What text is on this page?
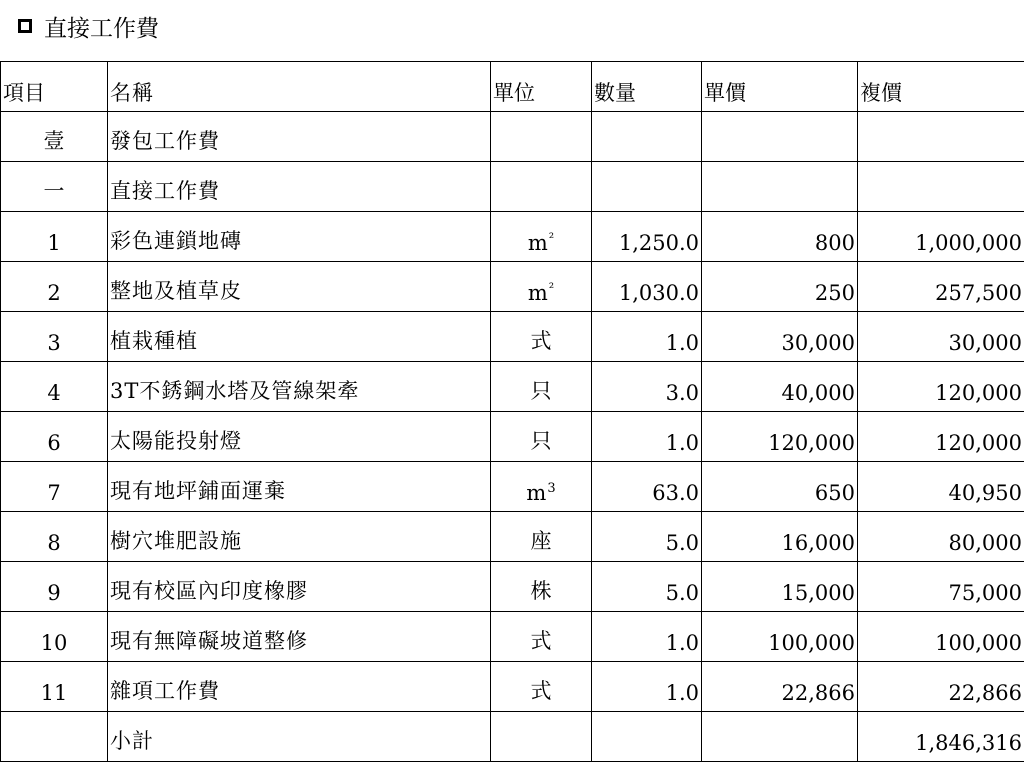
直接工作費
項目	名稱	單位	數量	單價	複價
壹	發包工作費				
一	直接工作費				
1	彩色連鎖地磚	$m^{^2}$	1,250.0	800	1,000,000
2	整地及植草皮	$m^{^2}$	1,030.0	250	257,500
3	植栽種植	式	1.0	30,000	30,000
4	3T不銹鋼水塔及管線架牽	只	3.0	40,000	120,000
6	太陽能投射燈	只	1.0	120,000	120,000
7	現有地坪鋪面運棄	$m^3$	63.0	650	40,950
8	樹穴堆肥設施	座	5.0	16,000	80,000
9	現有校區內印度橡膠	株	5.0	15,000	75,000
10	現有無障礙坡道整修	式	1.0	100,000	100,000
11	雜項工作費	式	1.0	22,866	22,866
	小計				1,846,316
